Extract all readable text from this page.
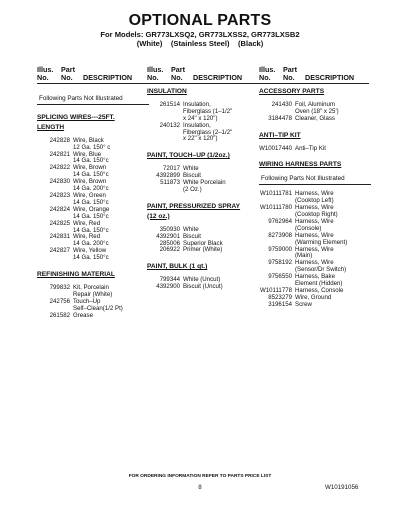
OPTIONAL PARTS
For Models: GR773LXSQ2, GR773LXSS2, GR773LXSB2
(White)    (Stainless Steel)    (Black)
Illus.
No.
Part
No.	DESCRIPTION
Following Parts Not Illustrated
SPLICING WIRES---25FT.
LENGTH
242828 Wire, Black
12 Ga. 150° c
242821 Wire, Blue
14 Ga. 150°c
242822 Wire, Brown
14 Ga. 150°c
242830 Wire, Brown
14 Ga. 200°c
242823 Wire, Green
14 Ga. 150°c
242824 Wire, Orange
14 Ga. 150°c
242825 Wire, Red
14 Ga. 150°c
242831 Wire, Red
14 Ga. 200°c
242827 Wire, Yellow
14 Ga. 150°c
REFINISHING MATERIAL
799832 Kit, Porcelain
Repair (White)
242756 Touch–Up
Self–Clean(1/2 Pt)
261582 Grease
Illus.
No.
Part
No.	DESCRIPTION
INSULATION
261514 Insulation,
Fiberglass (1–1/2"
x 24" x 120")
240132 Insulation,
Fiberglass (2–1/2"
x 22" x 120")
PAINT, TOUCH–UP (1/2oz.)
72017 White
4392899 Biscuit
511873 White Porcelain
(2 Oz.)
PAINT, PRESSURIZED SPRAY
(12 oz.)
350930 White
4392901 Biscuit
285006 Superior Black
206922 Primer (White)
PAINT, BULK (1 qt.)
799344 White (Uncut)
4392900 Biscuit (Uncut)
Illus.
No.
Part
No.	DESCRIPTION
ACCESSORY PARTS
241430 Foil, Aluminum
Oven (18" x 25')
3184478 Cleaner, Glass
ANTI–TIP KIT
W10017440 Anti–Tip Kit
WIRING HARNESS PARTS
Following Parts Not Illustrated
W10111781 Harness, Wire
(Cooktop Left)
W10111780 Harness, Wire
(Cooktop Right)
9762964 Harness, Wire
(Console)
8273908 Harness, Wire
(Warming Element)
9759000 Harness, Wire
(Main)
9758192 Harness, Wire
(Sensor/Dr Switch)
9756550 Harness, Bake
Element (Hidden)
W10111778 Harness, Console
8523279 Wire, Ground
3196154 Screw
FOR ORDERING INFORMATION REFER TO PARTS PRICE LIST
8	W10191056
